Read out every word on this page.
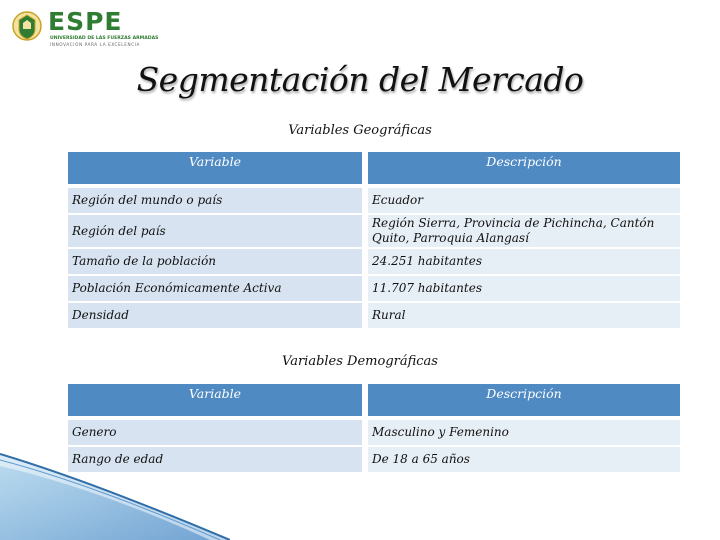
ESPE
UNIVERSIDAD DE LAS FUERZAS ARMADAS
INNOVACIÓN PARA LA EXCELENCIA
Segmentación del Mercado
Variables Geográficas
Variable		Descripción
Región del mundo o país		Ecuador
Región del país		Región Sierra, Provincia de Pichincha, Cantón Quito, Parroquia Alangasí
Tamaño de la población		24.251 habitantes
Población Económicamente Activa		11.707 habitantes
Densidad		Rural
Variables Demográficas
Variable		Descripción
Genero		Masculino y Femenino
Rango de edad		De 18 a 65 años
